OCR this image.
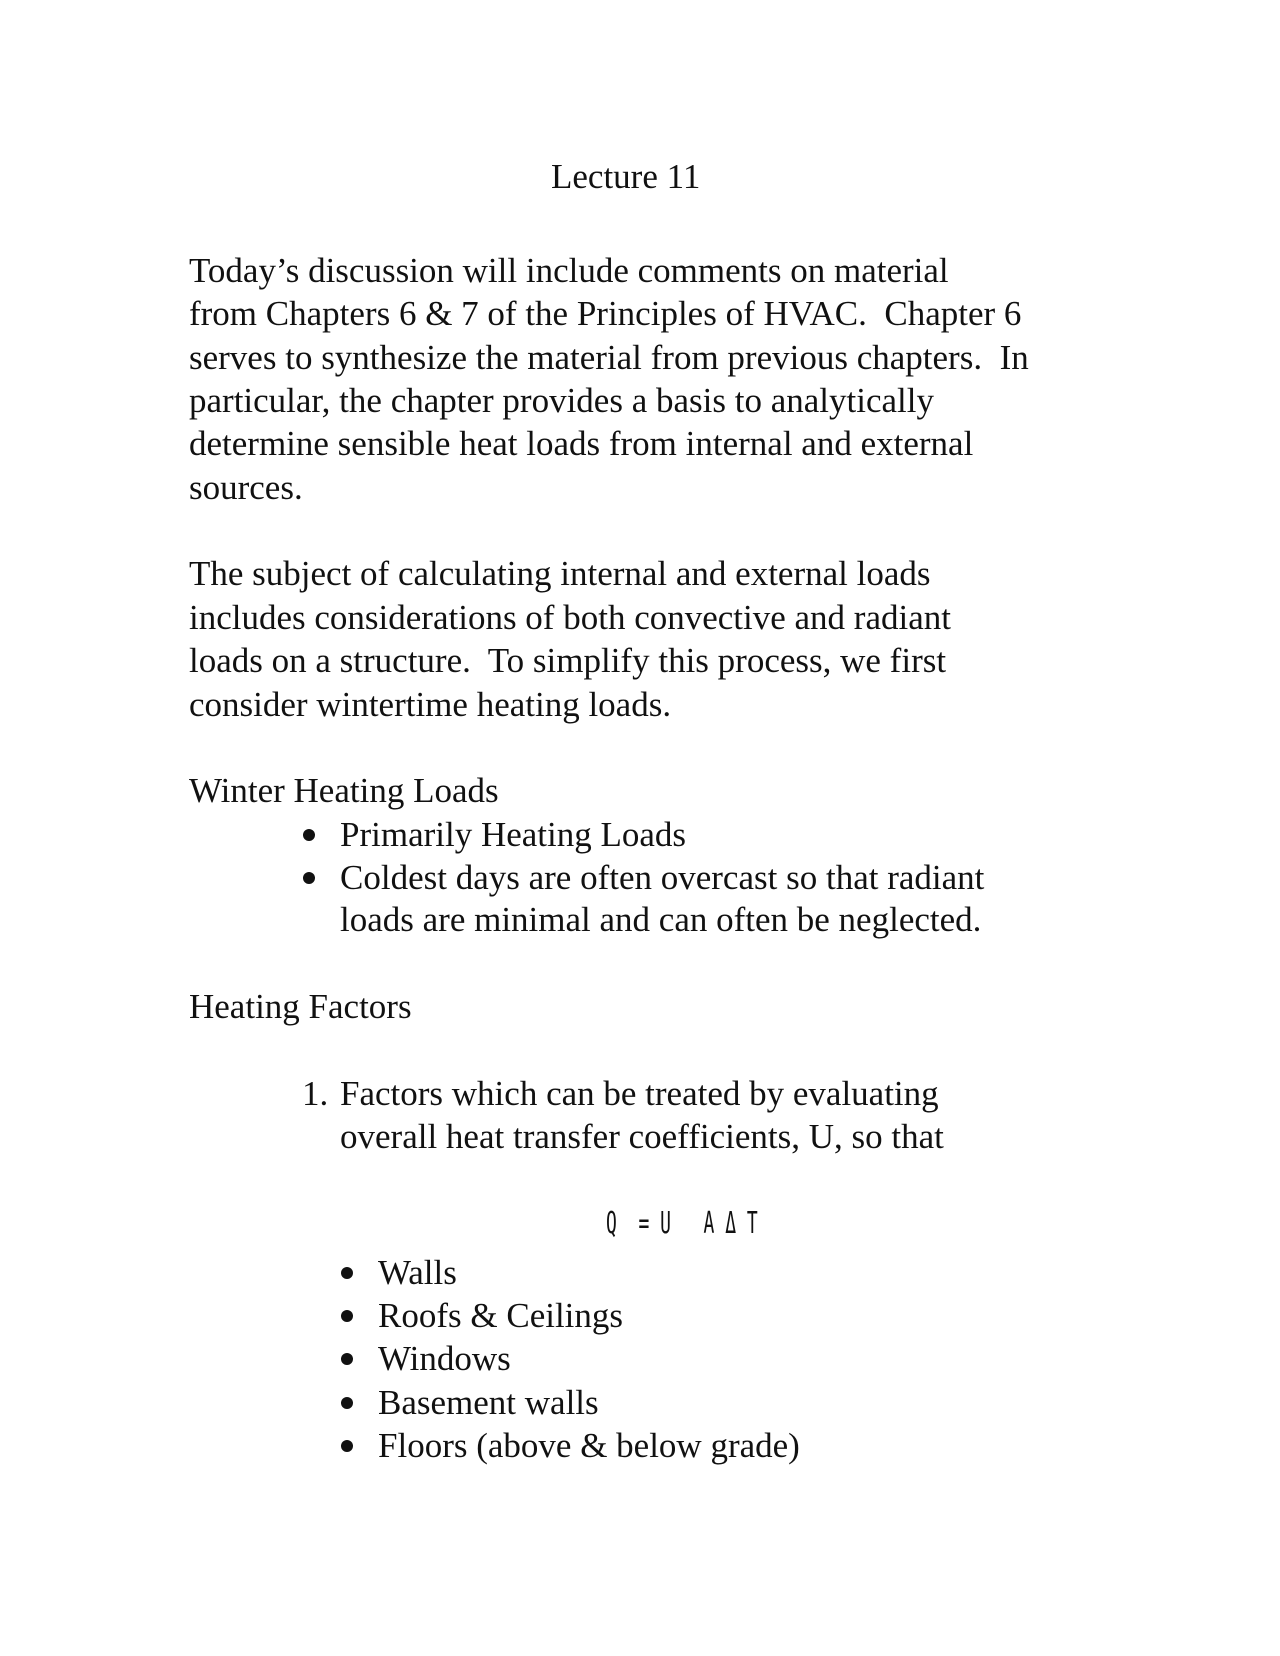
Lecture 11
Today’s discussion will include comments on material
from Chapters 6 & 7 of the Principles of HVAC.  Chapter 6
serves to synthesize the material from previous chapters.  In
particular, the chapter provides a basis to analytically
determine sensible heat loads from internal and external
sources.
The subject of calculating internal and external loads
includes considerations of both convective and radiant
loads on a structure.  To simplify this process, we first
consider wintertime heating loads.
Winter Heating Loads
Primarily Heating Loads
Coldest days are often overcast so that radiant
loads are minimal and can often be neglected.
Heating Factors
1. Factors which can be treated by evaluating
overall heat transfer coefficients, U, so that
Q  = U   A Δ T
Walls
Roofs & Ceilings
Windows
Basement walls
Floors (above & below grade)
